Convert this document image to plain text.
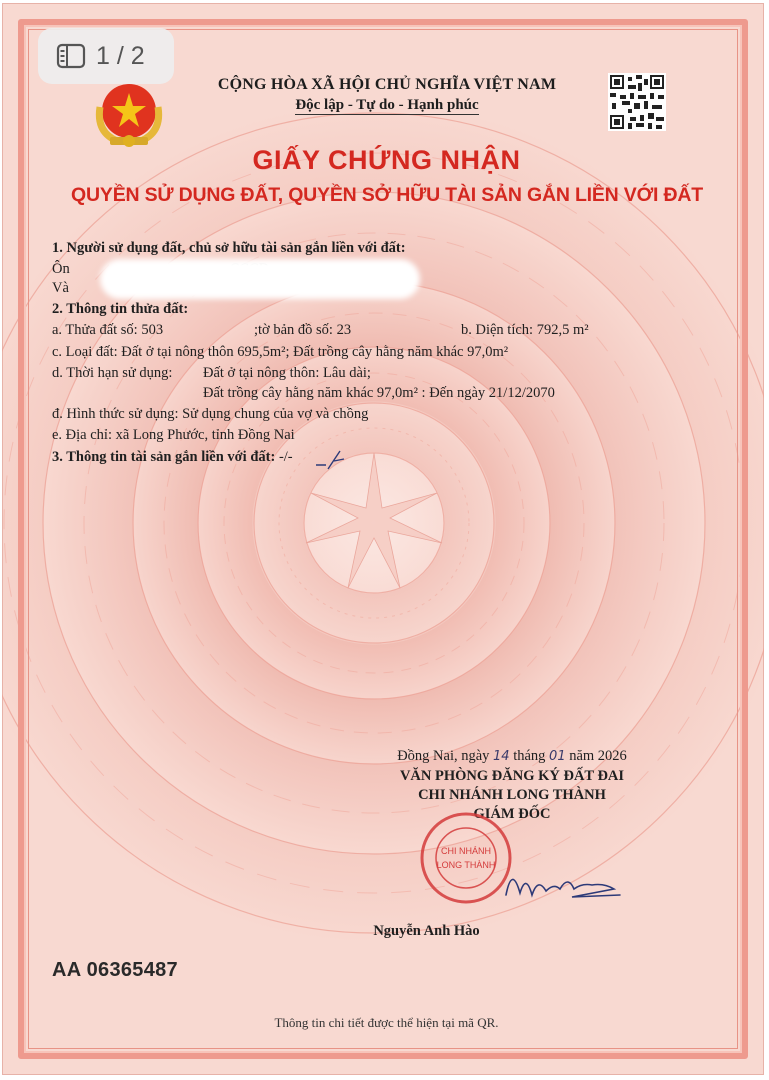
CỘNG HÒA XÃ HỘI CHỦ NGHĨA VIỆT NAM
Độc lập - Tự do - Hạnh phúc
GIẤY CHỨNG NHẬN
QUYỀN SỬ DỤNG ĐẤT, QUYỀN SỞ HỮU TÀI SẢN GẮN LIỀN VỚI ĐẤT
1. Người sử dụng đất, chủ sở hữu tài sản gắn liền với đất:
Ôn
Và
2. Thông tin thửa đất:
a. Thửa đất số: 503	;tờ bản đồ số: 23	b. Diện tích: 792,5 m²
c. Loại đất: Đất ở tại nông thôn 695,5m²; Đất trồng cây hằng năm khác 97,0m²
d. Thời hạn sử dụng: Đất ở tại nông thôn: Lâu dài;
Đất trồng cây hằng năm khác 97,0m² : Đến ngày 21/12/2070
đ. Hình thức sử dụng: Sử dụng chung của vợ và chồng
e. Địa chỉ: xã Long Phước, tỉnh Đồng Nai
3. Thông tin tài sản gắn liền với đất: -/-
Đồng Nai, ngày 14 tháng 01 năm 2026
VĂN PHÒNG ĐĂNG KÝ ĐẤT ĐAI
CHI NHÁNH LONG THÀNH
GIÁM ĐỐC
CHI NHÁNH
LONG THÀNH
Nguyễn Anh Hào
AA 06365487
Thông tin chi tiết được thể hiện tại mã QR.
1 / 2
